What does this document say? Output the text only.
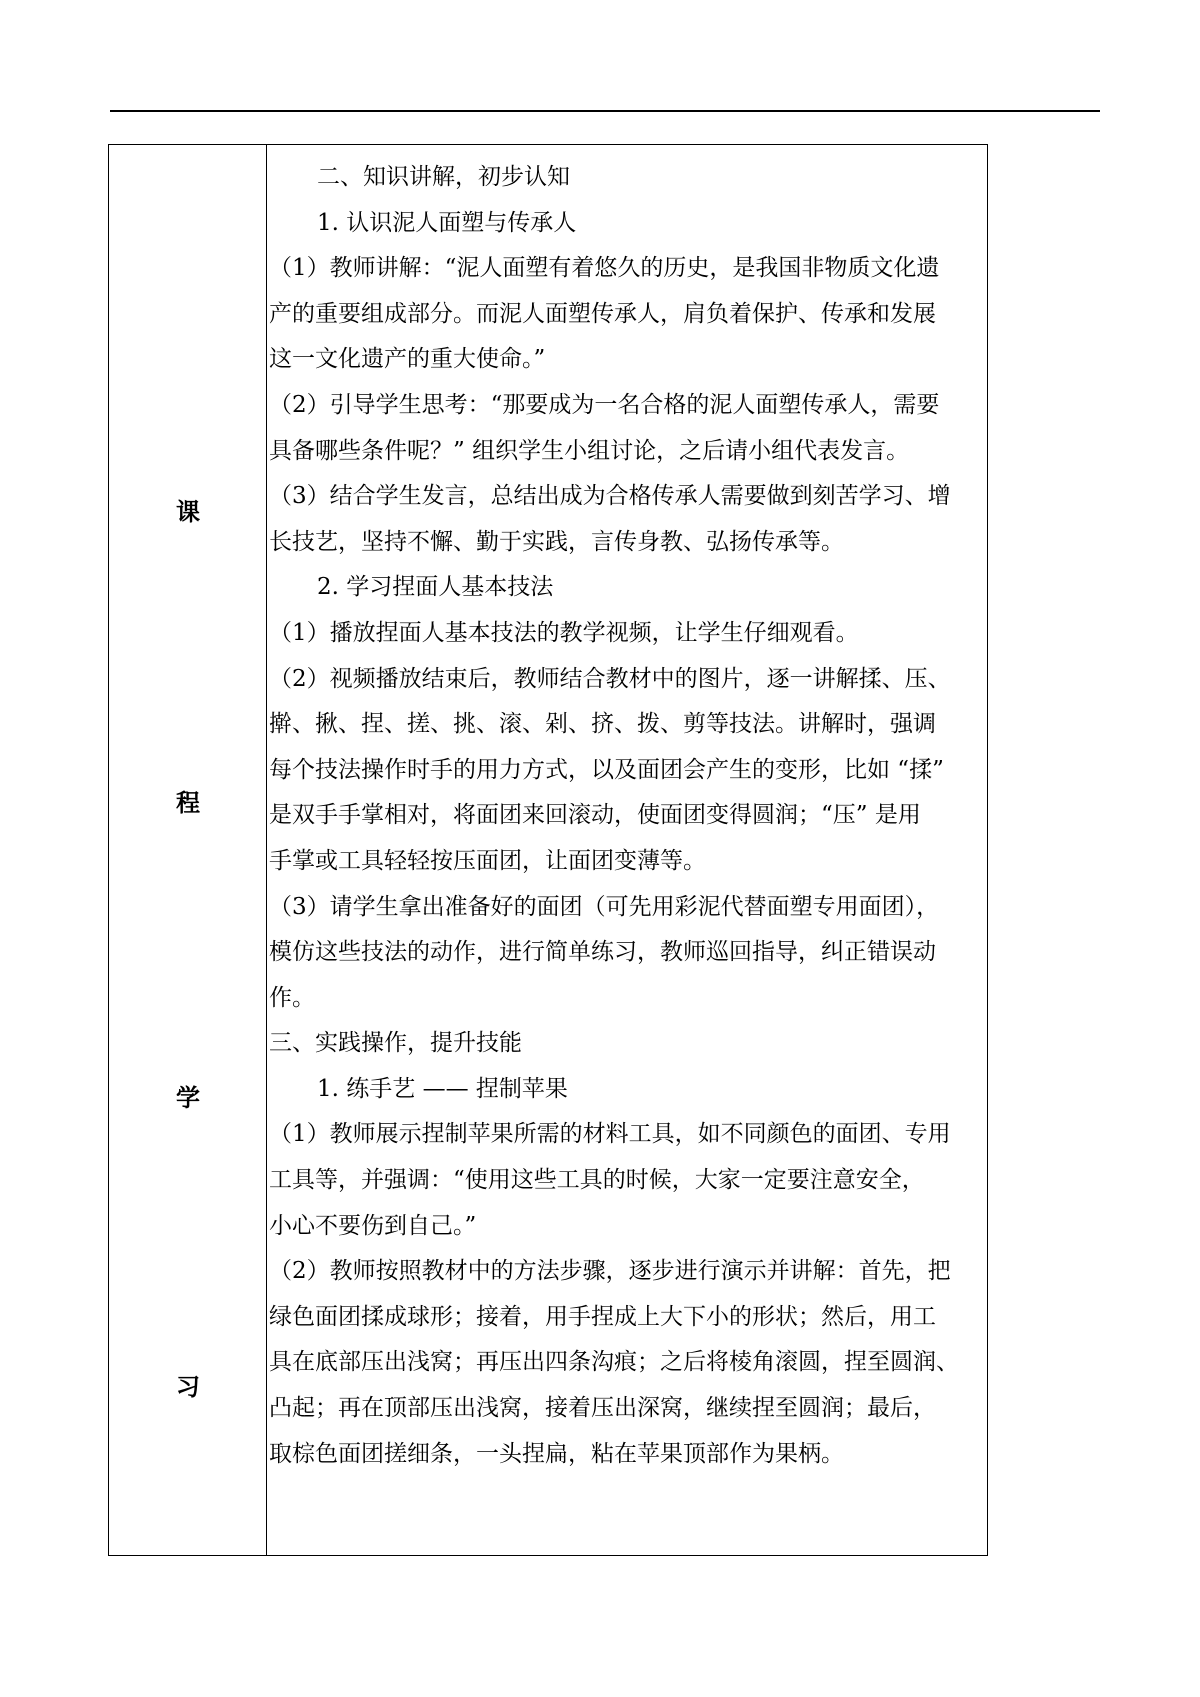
课
程
学
习
二、知识讲解，初步认知
1. 认识泥人面塑与传承人
（1）教师讲解：“泥人面塑有着悠久的历史，是我国非物质文化遗
产的重要组成部分。而泥人面塑传承人，肩负着保护、传承和发展
这一文化遗产的重大使命。”
（2）引导学生思考：“那要成为一名合格的泥人面塑传承人，需要
具备哪些条件呢？” 组织学生小组讨论，之后请小组代表发言。
（3）结合学生发言，总结出成为合格传承人需要做到刻苦学习、增
长技艺，坚持不懈、勤于实践，言传身教、弘扬传承等。
2. 学习捏面人基本技法
（1）播放捏面人基本技法的教学视频，让学生仔细观看。
（2）视频播放结束后，教师结合教材中的图片，逐一讲解揉、压、
擀、揪、捏、搓、挑、滚、剁、挤、拨、剪等技法。讲解时，强调
每个技法操作时手的用力方式，以及面团会产生的变形，比如 “揉”
是双手手掌相对，将面团来回滚动，使面团变得圆润；“压” 是用
手掌或工具轻轻按压面团，让面团变薄等。
（3）请学生拿出准备好的面团（可先用彩泥代替面塑专用面团），
模仿这些技法的动作，进行简单练习，教师巡回指导，纠正错误动
作。
三、实践操作，提升技能
1. 练手艺 —— 捏制苹果
（1）教师展示捏制苹果所需的材料工具，如不同颜色的面团、专用
工具等，并强调：“使用这些工具的时候，大家一定要注意安全，
小心不要伤到自己。”
（2）教师按照教材中的方法步骤，逐步进行演示并讲解：首先，把
绿色面团揉成球形；接着，用手捏成上大下小的形状；然后，用工
具在底部压出浅窝；再压出四条沟痕；之后将棱角滚圆，捏至圆润、
凸起；再在顶部压出浅窝，接着压出深窝，继续捏至圆润；最后，
取棕色面团搓细条，一头捏扁，粘在苹果顶部作为果柄。
